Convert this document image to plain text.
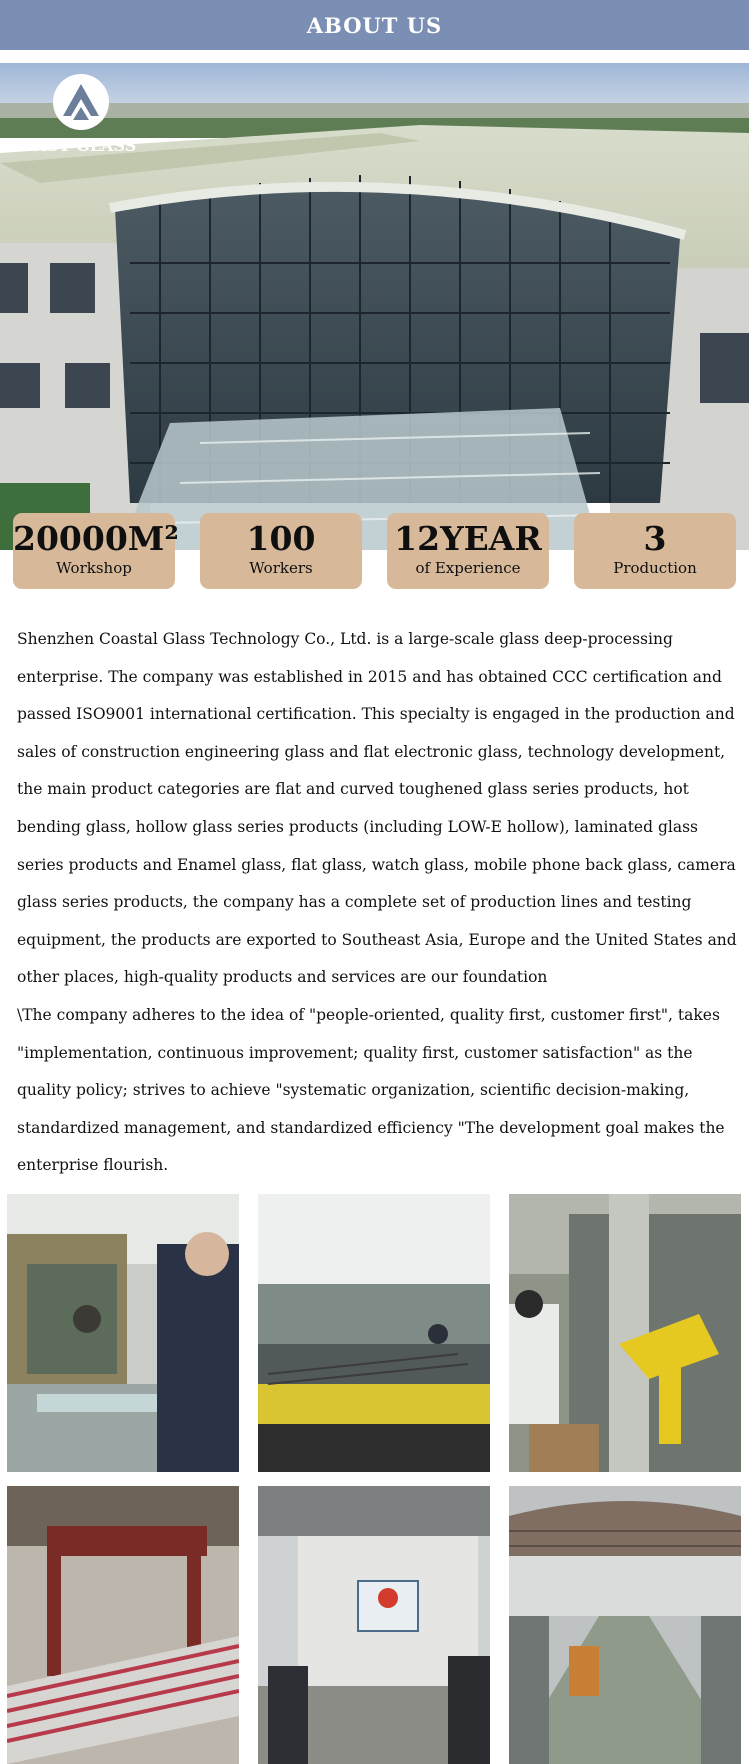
ABOUT US
COAST GLASS
20000M²
Workshop
100
Workers
12YEAR
of Experience
3
Production

Shenzhen Coastal Glass Technology Co., Ltd. is a large-scale glass deep-processing enterprise. The company was established in 2015 and has obtained CCC certification and passed ISO9001 international certification. This specialty is engaged in the production and sales of construction engineering glass and flat electronic glass, technology development, the main product categories are flat and curved toughened glass series products, hot bending glass, hollow glass series products (including LOW-E hollow), laminated glass series products and Enamel glass, flat glass, watch glass, mobile phone back glass, camera glass series products, the company has a complete set of production lines and testing equipment, the products are exported to Southeast Asia, Europe and the United States and other places, high-quality products and services are our foundation

\The company adheres to the idea of "people-oriented, quality first, customer first", takes "implementation, continuous improvement; quality first, customer satisfaction" as the quality policy; strives to achieve "systematic organization, scientific decision-making, standardized management, and standardized efficiency "The development goal makes the enterprise flourish.
